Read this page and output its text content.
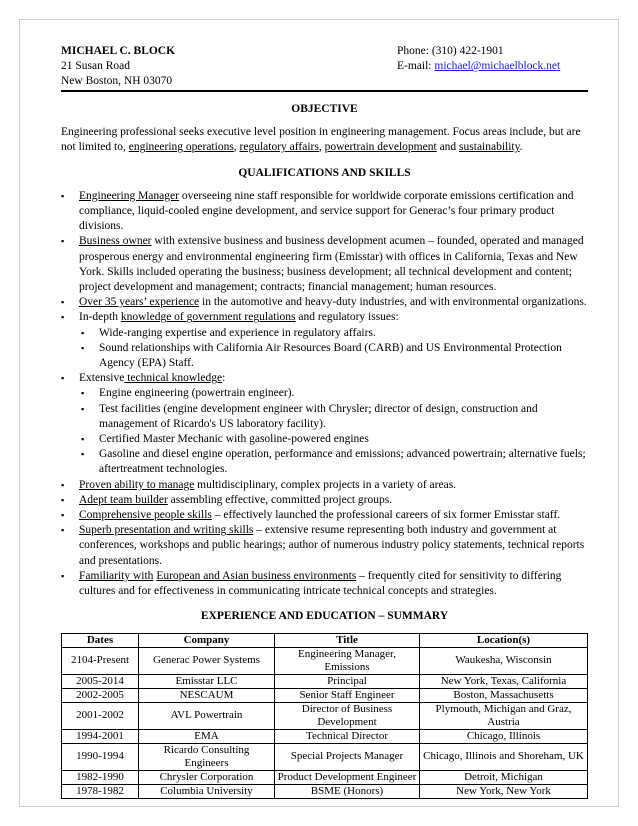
MICHAEL C. BLOCK
21 Susan Road
New Boston, NH 03070
Phone: (310) 422-1901
E-mail: michael@michaelblock.net
OBJECTIVE
Engineering professional seeks executive level position in engineering management. Focus areas include, but are not limited to, engineering operations, regulatory affairs, powertrain development and sustainability.
QUALIFICATIONS AND SKILLS
▪ Engineering Manager overseeing nine staff responsible for worldwide corporate emissions certification and compliance, liquid-cooled engine development, and service support for Generac’s four primary product divisions.
▪ Business owner with extensive business and business development acumen – founded, operated and managed prosperous energy and environmental engineering firm (Emisstar) with offices in California, Texas and New York. Skills included operating the business; business development; all technical development and content; project development and management; contracts; financial management; human resources.
▪ Over 35 years’ experience in the automotive and heavy-duty industries, and with environmental organizations.
▪ In-depth knowledge of government regulations and regulatory issues:
▪ Wide-ranging expertise and experience in regulatory affairs.
▪ Sound relationships with California Air Resources Board (CARB) and US Environmental Protection Agency (EPA) Staff.
▪ Extensive technical knowledge:
▪ Engine engineering (powertrain engineer).
▪ Test facilities (engine development engineer with Chrysler; director of design, construction and management of Ricardo's US laboratory facility).
▪ Certified Master Mechanic with gasoline-powered engines
▪ Gasoline and diesel engine operation, performance and emissions; advanced powertrain; alternative fuels; aftertreatment technologies.
▪ Proven ability to manage multidisciplinary, complex projects in a variety of areas.
▪ Adept team builder assembling effective, committed project groups.
▪ Comprehensive people skills – effectively launched the professional careers of six former Emisstar staff.
▪ Superb presentation and writing skills – extensive resume representing both industry and government at conferences, workshops and public hearings; author of numerous industry policy statements, technical reports and presentations.
▪ Familiarity with European and Asian business environments – frequently cited for sensitivity to differing cultures and for effectiveness in communicating intricate technical concepts and strategies.
EXPERIENCE AND EDUCATION – SUMMARY
Dates	Company	Title	Location(s)
2104-Present	Generac Power Systems	Engineering Manager, Emissions	Waukesha, Wisconsin
2005-2014	Emisstar LLC	Principal	New York, Texas, California
2002-2005	NESCAUM	Senior Staff Engineer	Boston, Massachusetts
2001-2002	AVL Powertrain	Director of Business Development	Plymouth, Michigan and Graz, Austria
1994-2001	EMA	Technical Director	Chicago, Illinois
1990-1994	Ricardo Consulting Engineers	Special Projects Manager	Chicago, Illinois and Shoreham, UK
1982-1990	Chrysler Corporation	Product Development Engineer	Detroit, Michigan
1978-1982	Columbia University	BSME (Honors)	New York, New York
